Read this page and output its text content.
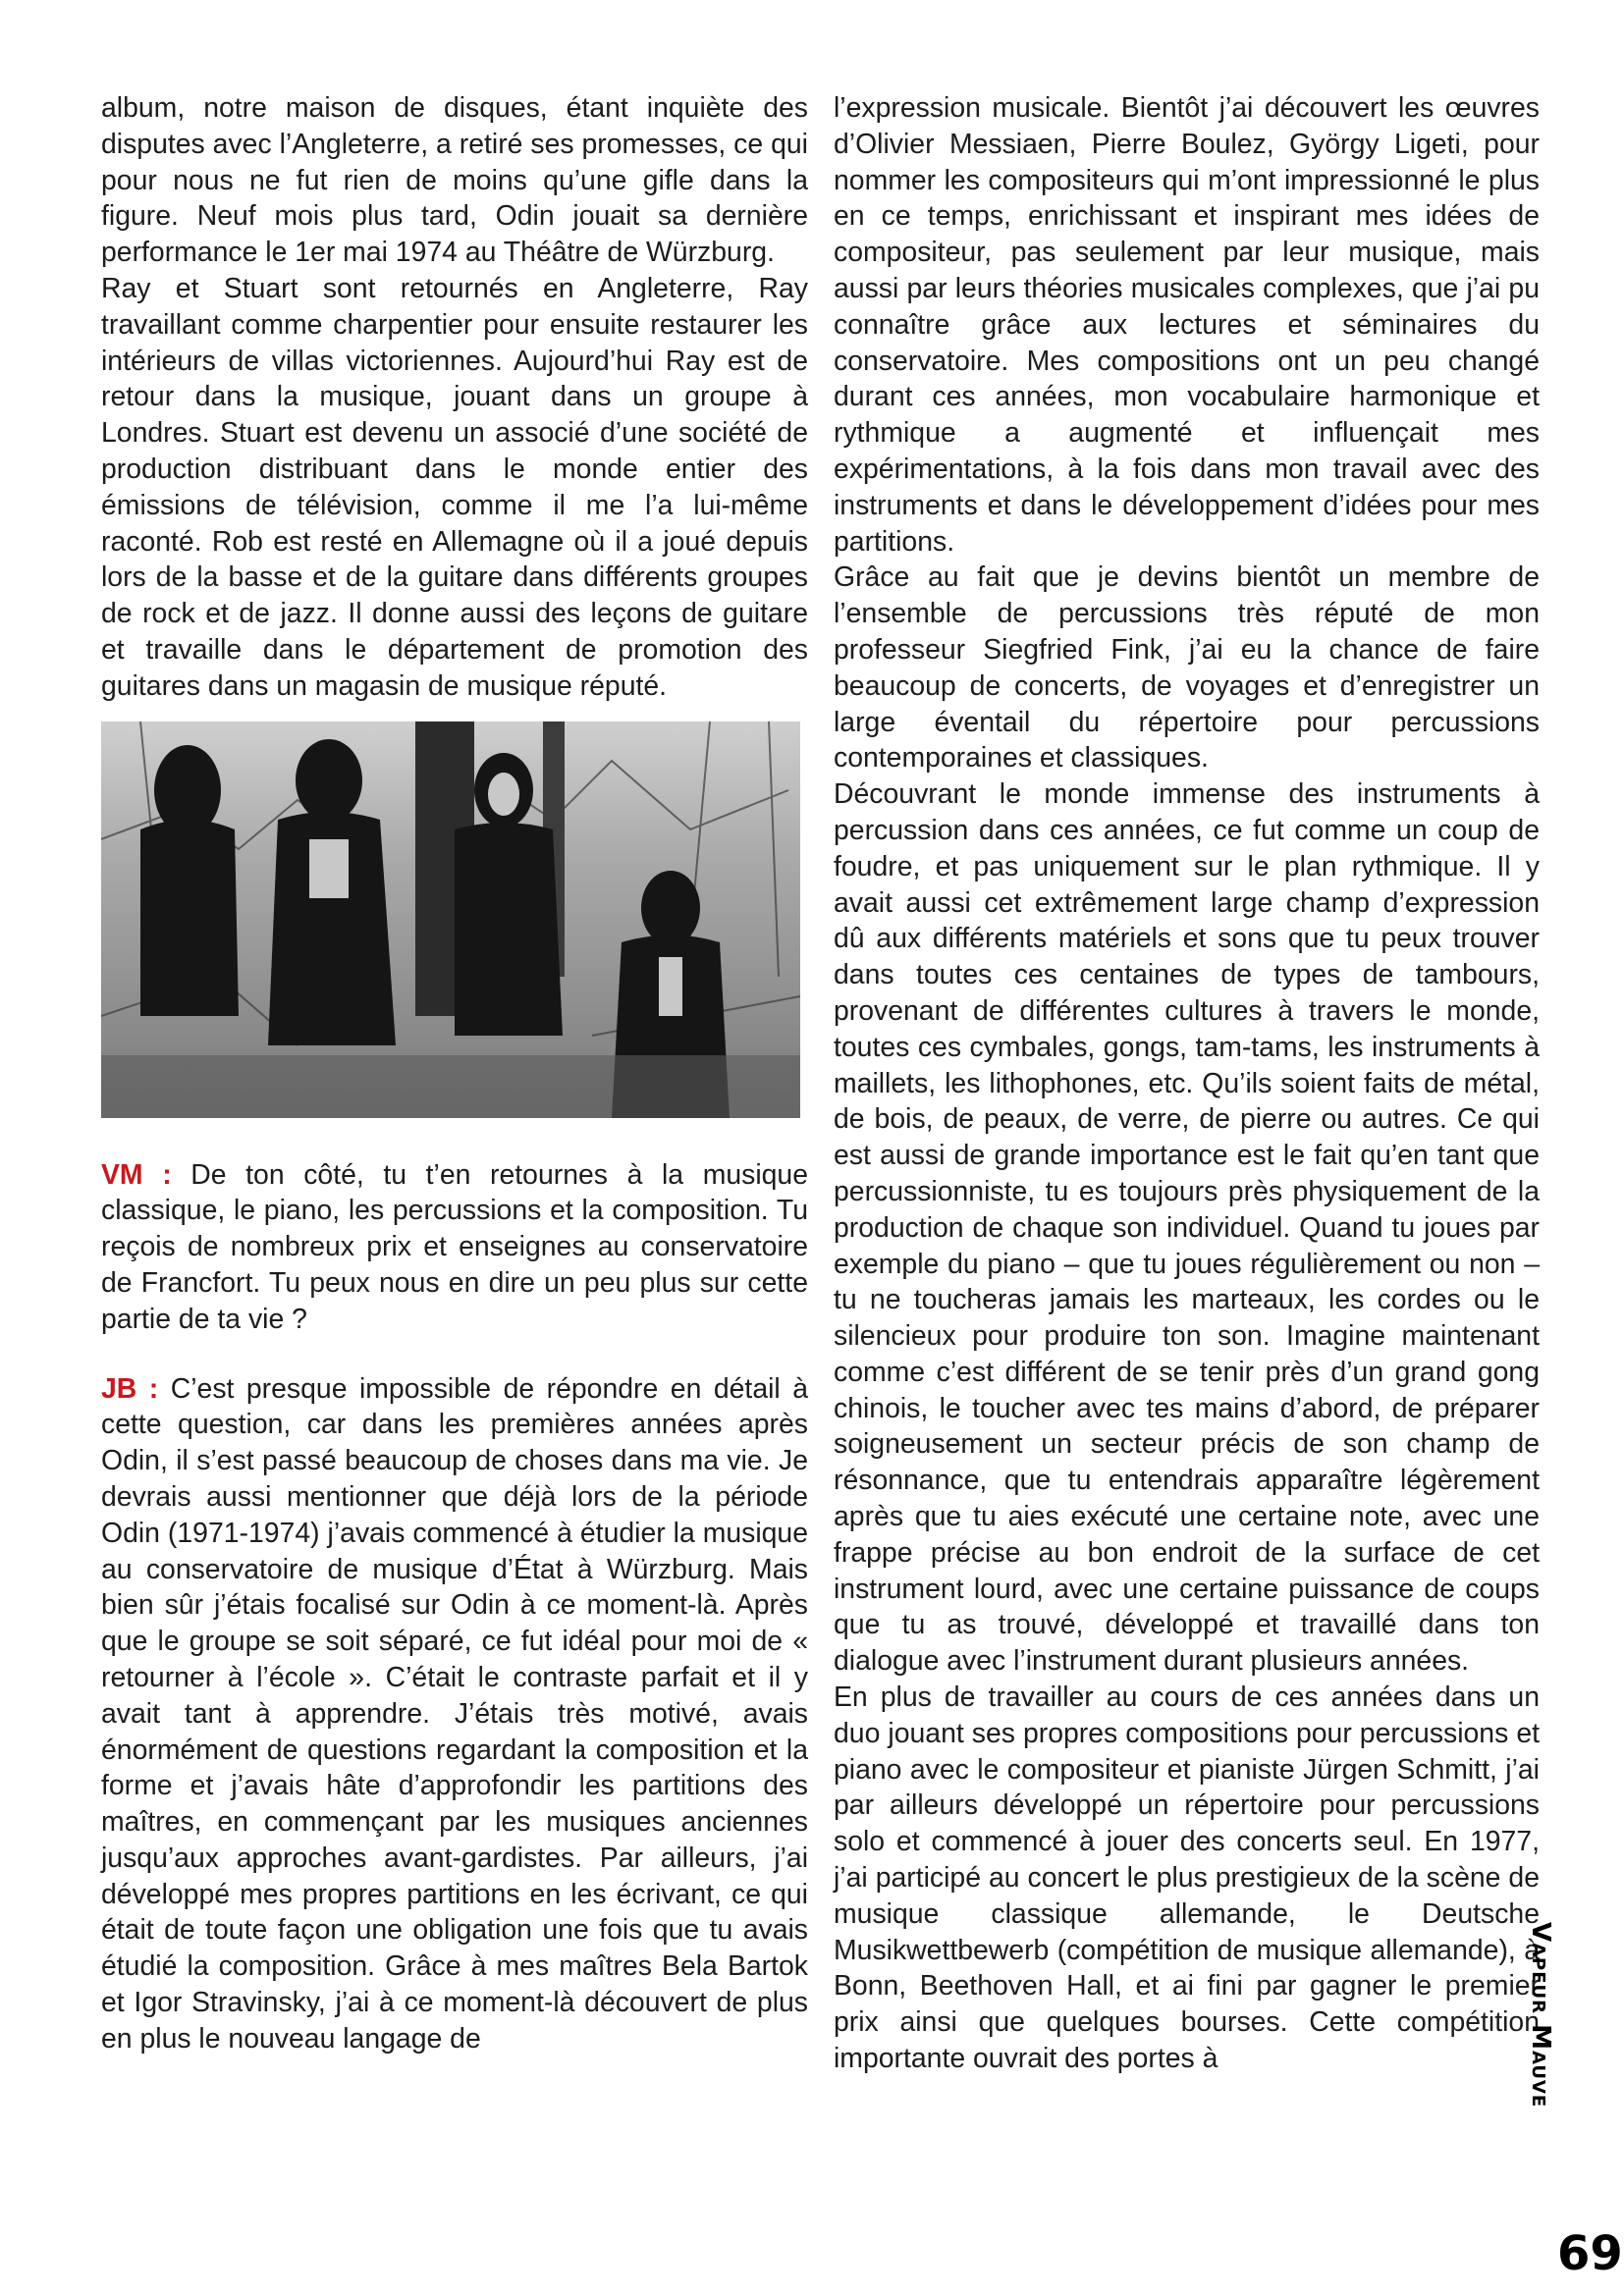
album, notre maison de disques, étant inquiète des disputes avec l’Angleterre, a retiré ses promesses, ce qui pour nous ne fut rien de moins qu’une gifle dans la figure. Neuf mois plus tard, Odin jouait sa dernière performance le 1er mai 1974 au Théâtre de Würzburg.

Ray et Stuart sont retournés en Angleterre, Ray travaillant comme charpentier pour ensuite restaurer les intérieurs de villas victoriennes. Aujourd’hui Ray est de retour dans la musique, jouant dans un groupe à Londres. Stuart est devenu un associé d’une société de production distribuant dans le monde entier des émissions de télévision, comme il me l’a lui-même raconté. Rob est resté en Allemagne où il a joué depuis lors de la basse et de la guitare dans différents groupes de rock et de jazz. Il donne aussi des leçons de guitare et travaille dans le département de promotion des guitares dans un magasin de musique réputé.

VM : De ton côté, tu t’en retournes à la musique classique, le piano, les percussions et la composition. Tu reçois de nombreux prix et enseignes au conservatoire de Francfort. Tu peux nous en dire un peu plus sur cette partie de ta vie ?

JB : C’est presque impossible de répondre en détail à cette question, car dans les premières années après Odin, il s’est passé beaucoup de choses dans ma vie. Je devrais aussi mentionner que déjà lors de la période Odin (1971-1974) j’avais commencé à étudier la musique au conservatoire de musique d’État à Würzburg. Mais bien sûr j’étais focalisé sur Odin à ce moment-là. Après que le groupe se soit séparé, ce fut idéal pour moi de « retourner à l’école ». C’était le contraste parfait et il y avait tant à apprendre. J’étais très motivé, avais énormément de questions regardant la composition et la forme et j’avais hâte d’approfondir les partitions des maîtres, en commençant par les musiques anciennes jusqu’aux approches avant-gardistes. Par ailleurs, j’ai développé mes propres partitions en les écrivant, ce qui était de toute façon une obligation une fois que tu avais étudié la composition. Grâce à mes maîtres Bela Bartok et Igor Stravinsky, j’ai à ce moment-là découvert de plus en plus le nouveau langage de

l’expression musicale. Bientôt j’ai découvert les œuvres d’Olivier Messiaen, Pierre Boulez, György Ligeti, pour nommer les compositeurs qui m’ont impressionné le plus en ce temps, enrichissant et inspirant mes idées de compositeur, pas seulement par leur musique, mais aussi par leurs théories musicales complexes, que j’ai pu connaître grâce aux lectures et séminaires du conservatoire. Mes compositions ont un peu changé durant ces années, mon vocabulaire harmonique et rythmique a augmenté et influençait mes expérimentations, à la fois dans mon travail avec des instruments et dans le développement d’idées pour mes partitions.

Grâce au fait que je devins bientôt un membre de l’ensemble de percussions très réputé de mon professeur Siegfried Fink, j’ai eu la chance de faire beaucoup de concerts, de voyages et d’enregistrer un large éventail du répertoire pour percussions contemporaines et classiques.

Découvrant le monde immense des instruments à percussion dans ces années, ce fut comme un coup de foudre, et pas uniquement sur le plan rythmique. Il y avait aussi cet extrêmement large champ d’expression dû aux différents matériels et sons que tu peux trouver dans toutes ces centaines de types de tambours, provenant de différentes cultures à travers le monde, toutes ces cymbales, gongs, tam-tams, les instruments à maillets, les lithophones, etc. Qu’ils soient faits de métal, de bois, de peaux, de verre, de pierre ou autres. Ce qui est aussi de grande importance est le fait qu’en tant que percussionniste, tu es toujours près physiquement de la production de chaque son individuel. Quand tu joues par exemple du piano – que tu joues régulièrement ou non – tu ne toucheras jamais les marteaux, les cordes ou le silencieux pour produire ton son. Imagine maintenant comme c’est différent de se tenir près d’un grand gong chinois, le toucher avec tes mains d’abord, de préparer soigneusement un secteur précis de son champ de résonnance, que tu entendrais apparaître légèrement après que tu aies exécuté une certaine note, avec une frappe précise au bon endroit de la surface de cet instrument lourd, avec une certaine puissance de coups que tu as trouvé, développé et travaillé dans ton dialogue avec l’instrument durant plusieurs années.

En plus de travailler au cours de ces années dans un duo jouant ses propres compositions pour percussions et piano avec le compositeur et pianiste Jürgen Schmitt, j’ai par ailleurs développé un répertoire pour percussions solo et commencé à jouer des concerts seul. En 1977, j’ai participé au concert le plus prestigieux de la scène de musique classique allemande, le Deutsche Musikwettbewerb (compétition de musique allemande), à Bonn, Beethoven Hall, et ai fini par gagner le premier prix ainsi que quelques bourses. Cette compétition importante ouvrait des portes à	Vapeur Mauve
69
